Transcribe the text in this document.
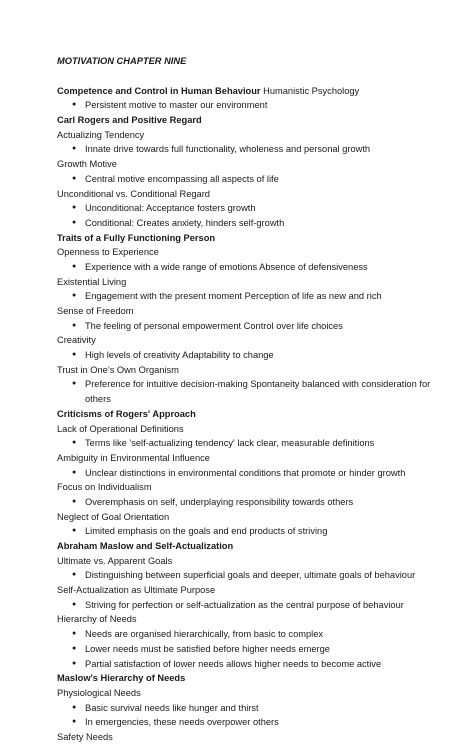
MOTIVATION CHAPTER NINE
Competence and Control in Human Behaviour Humanistic Psychology
● Persistent motive to master our environment
Carl Rogers and Positive Regard
Actualizing Tendency
● Innate drive towards full functionality, wholeness and personal growth
Growth Motive
● Central motive encompassing all aspects of life
Unconditional vs. Conditional Regard
● Unconditional: Acceptance fosters growth
● Conditional: Creates anxiety, hinders self-growth
Traits of a Fully Functioning Person
Openness to Experience
● Experience with a wide range of emotions Absence of defensiveness
Existential Living
● Engagement with the present moment Perception of life as new and rich
Sense of Freedom
● The feeling of personal empowerment Control over life choices
Creativity
● High levels of creativity Adaptability to change
Trust in One’s Own Organism
● Preference for intuitive decision-making Spontaneity balanced with consideration for others
Criticisms of Rogers' Approach
Lack of Operational Definitions
● Terms like 'self-actualizing tendency' lack clear, measurable definitions
Ambiguity in Environmental Influence
● Unclear distinctions in environmental conditions that promote or hinder growth
Focus on Individualism
● Overemphasis on self, underplaying responsibility towards others
Neglect of Goal Orientation
● Limited emphasis on the goals and end products of striving
Abraham Maslow and Self-Actualization
Ultimate vs. Apparent Goals
● Distinguishing between superficial goals and deeper, ultimate goals of behaviour
Self-Actualization as Ultimate Purpose
● Striving for perfection or self-actualization as the central purpose of behaviour
Hierarchy of Needs
● Needs are organised hierarchically, from basic to complex
● Lower needs must be satisfied before higher needs emerge
● Partial satisfaction of lower needs allows higher needs to become active
Maslow's Hierarchy of Needs
Physiological Needs
● Basic survival needs like hunger and thirst
● In emergencies, these needs overpower others
Safety Needs
